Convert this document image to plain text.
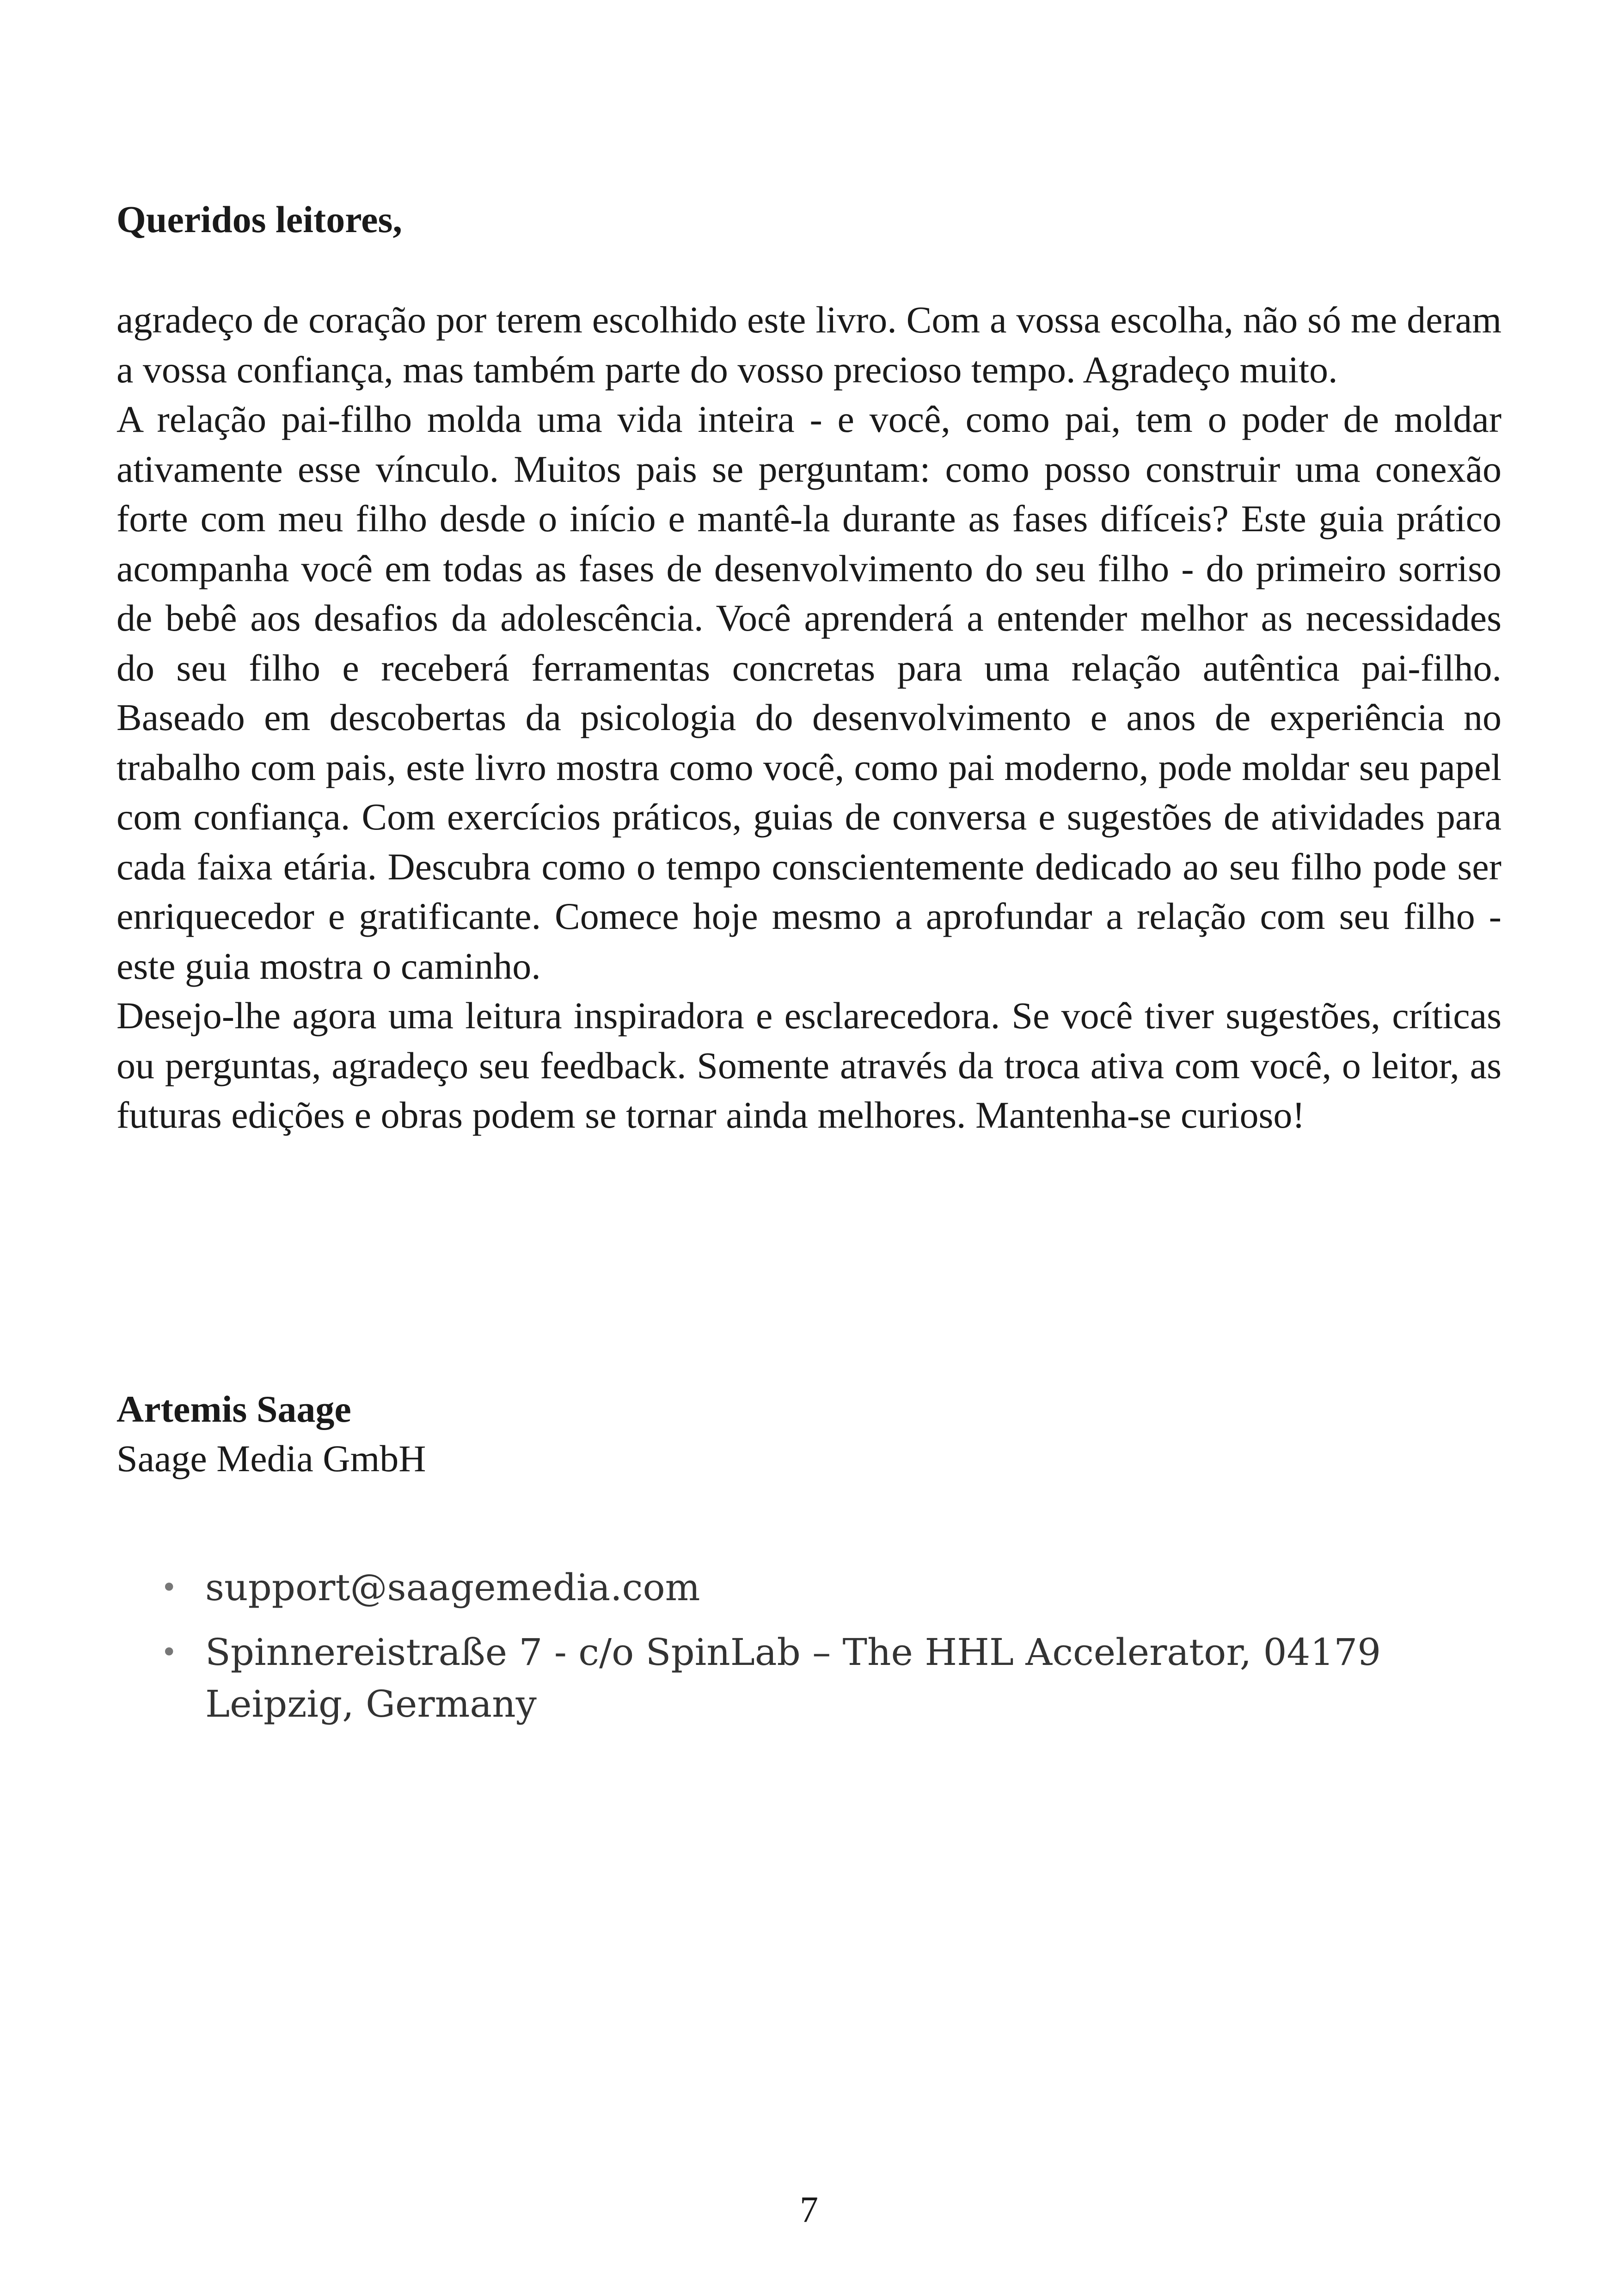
Queridos leitores,

agradeço de coração por terem escolhido este livro. Com a vossa escolha, não só me deram a vossa confiança, mas também parte do vosso precioso tempo. Agradeço muito.

A relação pai-filho molda uma vida inteira - e você, como pai, tem o poder de moldar ativamente esse vínculo. Muitos pais se perguntam: como posso construir uma conexão forte com meu filho desde o início e mantê-la durante as fases difíceis? Este guia prático acompanha você em todas as fases de desenvolvimento do seu filho - do primeiro sorriso de bebê aos desafios da adolescência. Você aprenderá a entender melhor as necessidades do seu filho e receberá ferramentas concretas para uma relação autêntica pai-filho. Baseado em descobertas da psicologia do desenvolvimento e anos de experiência no trabalho com pais, este livro mostra como você, como pai moderno, pode moldar seu papel com confiança. Com exercícios práticos, guias de conversa e sugestões de atividades para cada faixa etária. Descubra como o tempo conscientemente dedicado ao seu filho pode ser enriquecedor e gratificante. Comece hoje mesmo a aprofundar a relação com seu filho - este guia mostra o caminho.

Desejo-lhe agora uma leitura inspiradora e esclarecedora. Se você tiver sugestões, críticas ou perguntas, agradeço seu feedback. Somente através da troca ativa com você, o leitor, as futuras edições e obras podem se tornar ainda melhores. Mantenha-se curioso!

Artemis Saage
Saage Media GmbH
• support@saagemedia.com
• Spinnereistraße 7 - c/o SpinLab – The HHL Accelerator, 04179 Leipzig, Germany
7
